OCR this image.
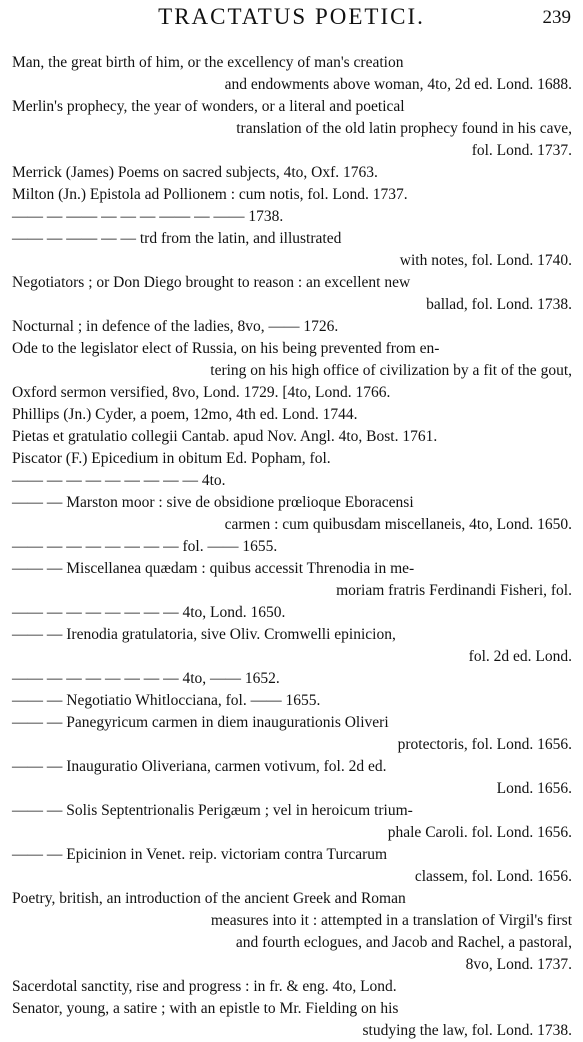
TRACTATUS POETICI.	239
Man, the great birth of him, or the excellency of man's creation
and endowments above woman, 4to, 2d ed. Lond. 1688.
Merlin's prophecy, the year of wonders, or a literal and poetical
translation of the old latin prophecy found in his cave,
fol. Lond. 1737.
Merrick (James) Poems on sacred subjects, 4to, Oxf. 1763.
Milton (Jn.) Epistola ad Pollionem : cum notis, fol. Lond. 1737.
—— — —— — — — —— — —— 1738.
—— — —— — — trd from the latin, and illustrated
with notes, fol. Lond. 1740.
Negotiators ; or Don Diego brought to reason : an excellent new
ballad, fol. Lond. 1738.
Nocturnal ; in defence of the ladies, 8vo, —— 1726.
Ode to the legislator elect of Russia, on his being prevented from en-
tering on his high office of civilization by a fit of the gout,
Oxford sermon versified, 8vo, Lond. 1729. [4to, Lond. 1766.
Phillips (Jn.) Cyder, a poem, 12mo, 4th ed. Lond. 1744.
Pietas et gratulatio collegii Cantab. apud Nov. Angl. 4to, Bost. 1761.
Piscator (F.) Epicedium in obitum Ed. Popham, fol.
—— — — — — — — — — 4to.
—— — Marston moor : sive de obsidione prœlioque Eboracensi
carmen : cum quibusdam miscellaneis, 4to, Lond. 1650.
—— — — — — — — — fol. —— 1655.
—— — Miscellanea quædam : quibus accessit Threnodia in me-
moriam fratris Ferdinandi Fisheri, fol.
—— — — — — — — — 4to, Lond. 1650.
—— — Irenodia gratulatoria, sive Oliv. Cromwelli epinicion,
fol. 2d ed. Lond.
—— — — — — — — — 4to, —— 1652.
—— — Negotiatio Whitlocciana, fol. —— 1655.
—— — Panegyricum carmen in diem inaugurationis Oliveri
protectoris, fol. Lond. 1656.
—— — Inauguratio Oliveriana, carmen votivum, fol. 2d ed.
Lond. 1656.
—— — Solis Septentrionalis Perigæum ; vel in heroicum trium-
phale Caroli. fol. Lond. 1656.
—— — Epicinion in Venet. reip. victoriam contra Turcarum
classem, fol. Lond. 1656.
Poetry, british, an introduction of the ancient Greek and Roman
measures into it : attempted in a translation of Virgil's first
and fourth eclogues, and Jacob and Rachel, a pastoral,
8vo, Lond. 1737.
Sacerdotal sanctity, rise and progress : in fr. & eng. 4to, Lond.
Senator, young, a satire ; with an epistle to Mr. Fielding on his
studying the law, fol. Lond. 1738.
